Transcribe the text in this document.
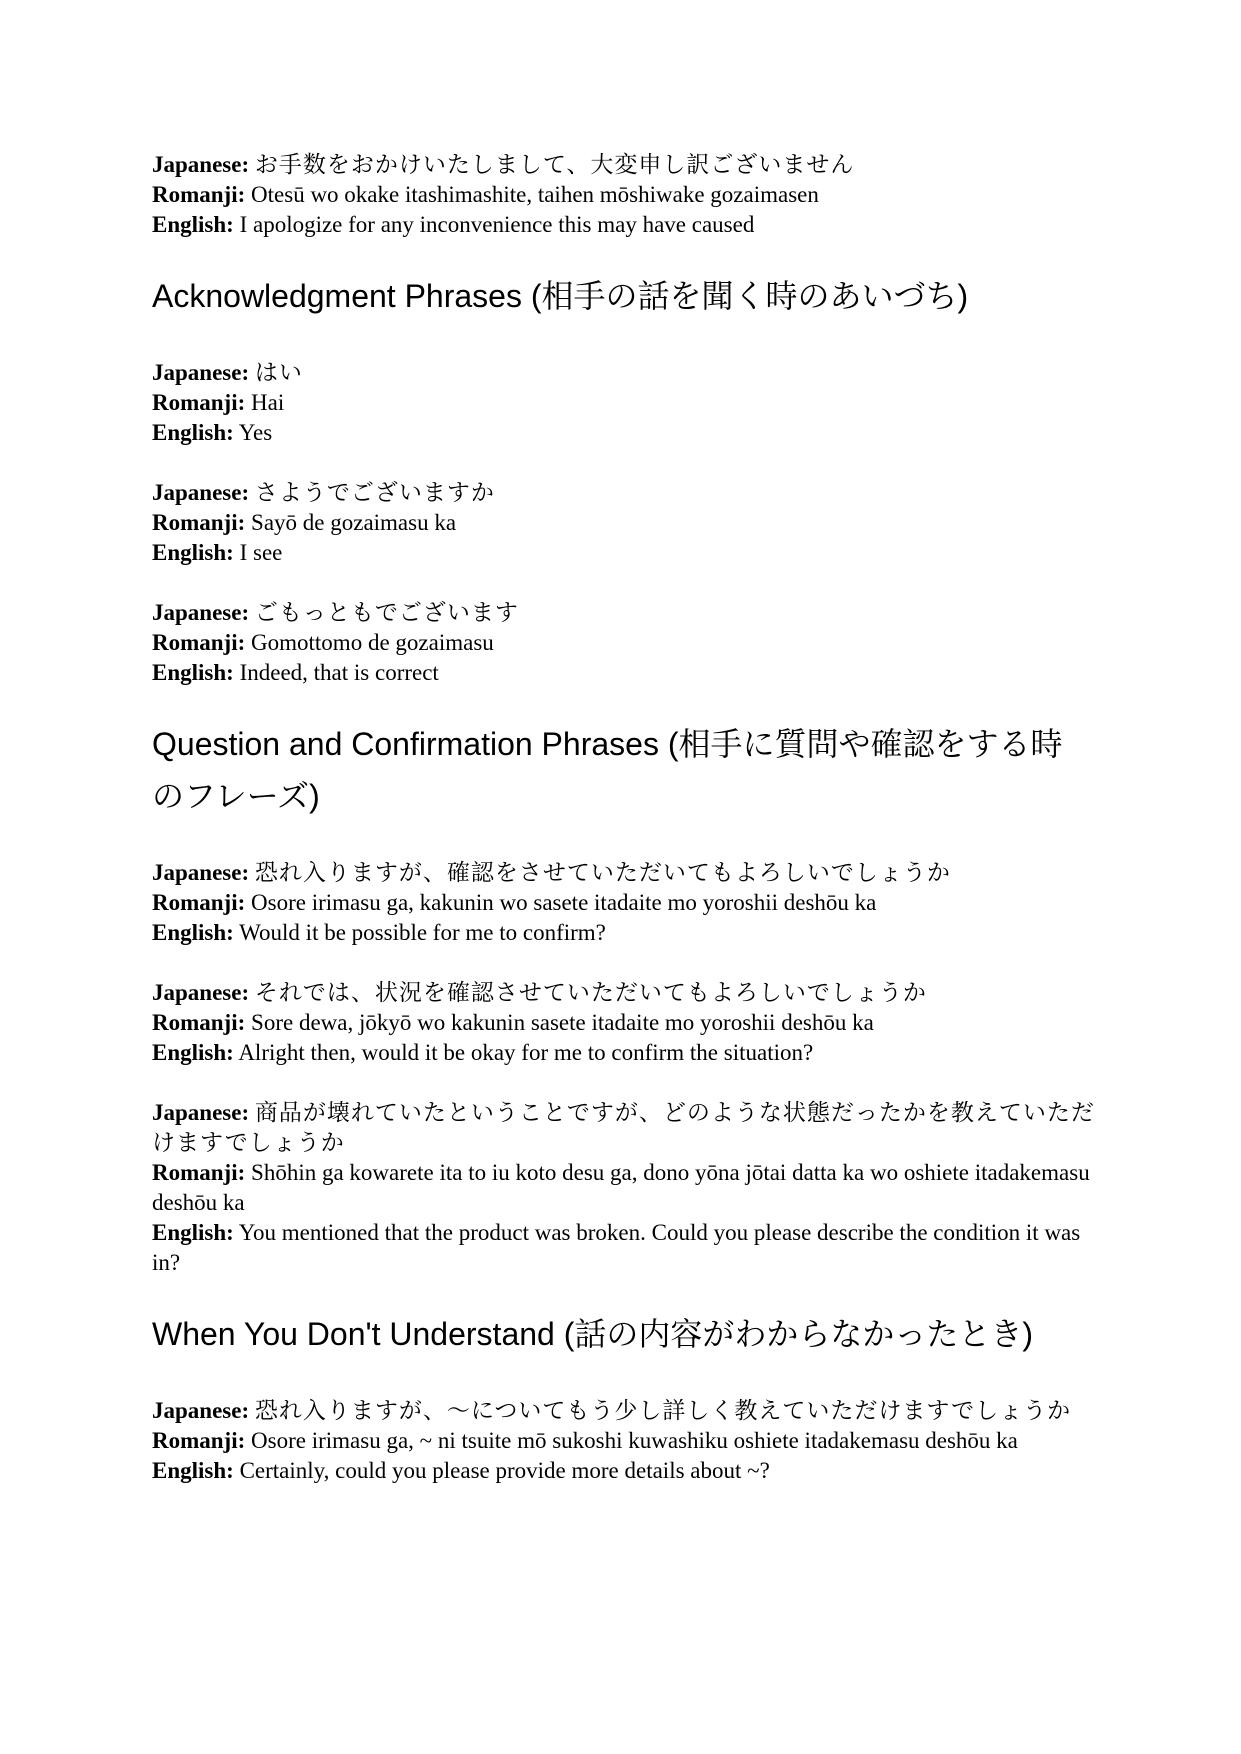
Japanese: お手数をおかけいたしまして、大変申し訳ございません
Romanji: Otesū wo okake itashimashite, taihen mōshiwake gozaimasen
English: I apologize for any inconvenience this may have caused
Acknowledgment Phrases (相手の話を聞く時のあいづち)
Japanese: はい
Romanji: Hai
English: Yes
Japanese: さようでございますか
Romanji: Sayō de gozaimasu ka
English: I see
Japanese: ごもっともでございます
Romanji: Gomottomo de gozaimasu
English: Indeed, that is correct
Question and Confirmation Phrases (相手に質問や確認をする時のフレーズ)
Japanese: 恐れ入りますが、確認をさせていただいてもよろしいでしょうか
Romanji: Osore irimasu ga, kakunin wo sasete itadaite mo yoroshii deshōu ka
English: Would it be possible for me to confirm?
Japanese: それでは、状況を確認させていただいてもよろしいでしょうか
Romanji: Sore dewa, jōkyō wo kakunin sasete itadaite mo yoroshii deshōu ka
English: Alright then, would it be okay for me to confirm the situation?
Japanese: 商品が壊れていたということですが、どのような状態だったかを教えていただけますでしょうか
Romanji: Shōhin ga kowarete ita to iu koto desu ga, dono yōna jōtai datta ka wo oshiete itadakemasu deshōu ka
English: You mentioned that the product was broken. Could you please describe the condition it was in?
When You Don't Understand (話の内容がわからなかったとき)
Japanese: 恐れ入りますが、～についてもう少し詳しく教えていただけますでしょうか
Romanji: Osore irimasu ga, ~ ni tsuite mō sukoshi kuwashiku oshiete itadakemasu deshōu ka
English: Certainly, could you please provide more details about ~?
